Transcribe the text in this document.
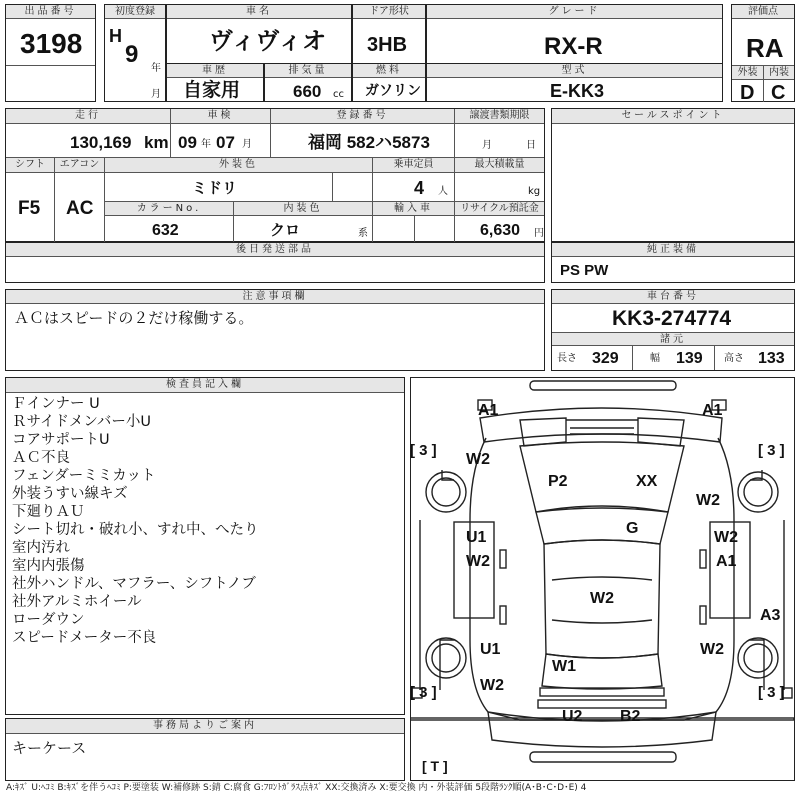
出品番号
3198
初度登録
H
9
年
月
車名
ヴィヴィオ
ドア形状
3HB
グレード
RX-R
評価点
RA
外装	内装
D C
車歴
自家用
排気量
660 cc
燃料
ガソリン
型式
E-KK3
走行	車検	登録番号	譲渡書類期限
130,169 km 09 年 07 月	福岡 582ハ5873	月	日
シフト	エアコン	外装色	乗車定員	最大積載量
F5 AC
ミドリ	4 人	kg
カラーNo.	内装色	輸入車	リサイクル預託金
632	クロ	系	6,630 円
セールスポイント
後日発送部品	純正装備
PS PW
注意事項欄
ＡＣはスピードの２だけ稼働する。
車台番号
KK3-274774
諸元
長さ 329	幅 139 高さ 133
検査員記入欄
Ｆインナー U
Ｒサイドメンバー小U
コアサポートU
ＡＣ不良
フェンダーミミカット
外装うすい線キズ
下廻りＡＵ
シート切れ・破れ小、すれ中、へたり
室内汚れ
室内内張傷
社外ハンドル、マフラー、シフトノブ
社外アルミホイール
ローダウン
スピードメーター不良
A1	A1
[ 3 ]	[ 3 ]
W2
P2	XX
W2
G
U1
W2
W2
A1
W2
A3
U1
W1
W2
W2
[ 3 ]	[ 3 ]
U2 B2
[ T ]
事務局よりご案内
キーケース
A:ｷｽﾞ U:ﾍｺﾐ B:ｷｽﾞを伴うﾍｺﾐ P:要塗装 W:補修跡 S:錆 C:腐食 G:ﾌﾛﾝﾄｶﾞﾗｽ点ｷｽﾞ XX:交換済み X:要交換 内・外装評価 5段階ﾗﾝｸ順(A･B･C･D･E) 4
